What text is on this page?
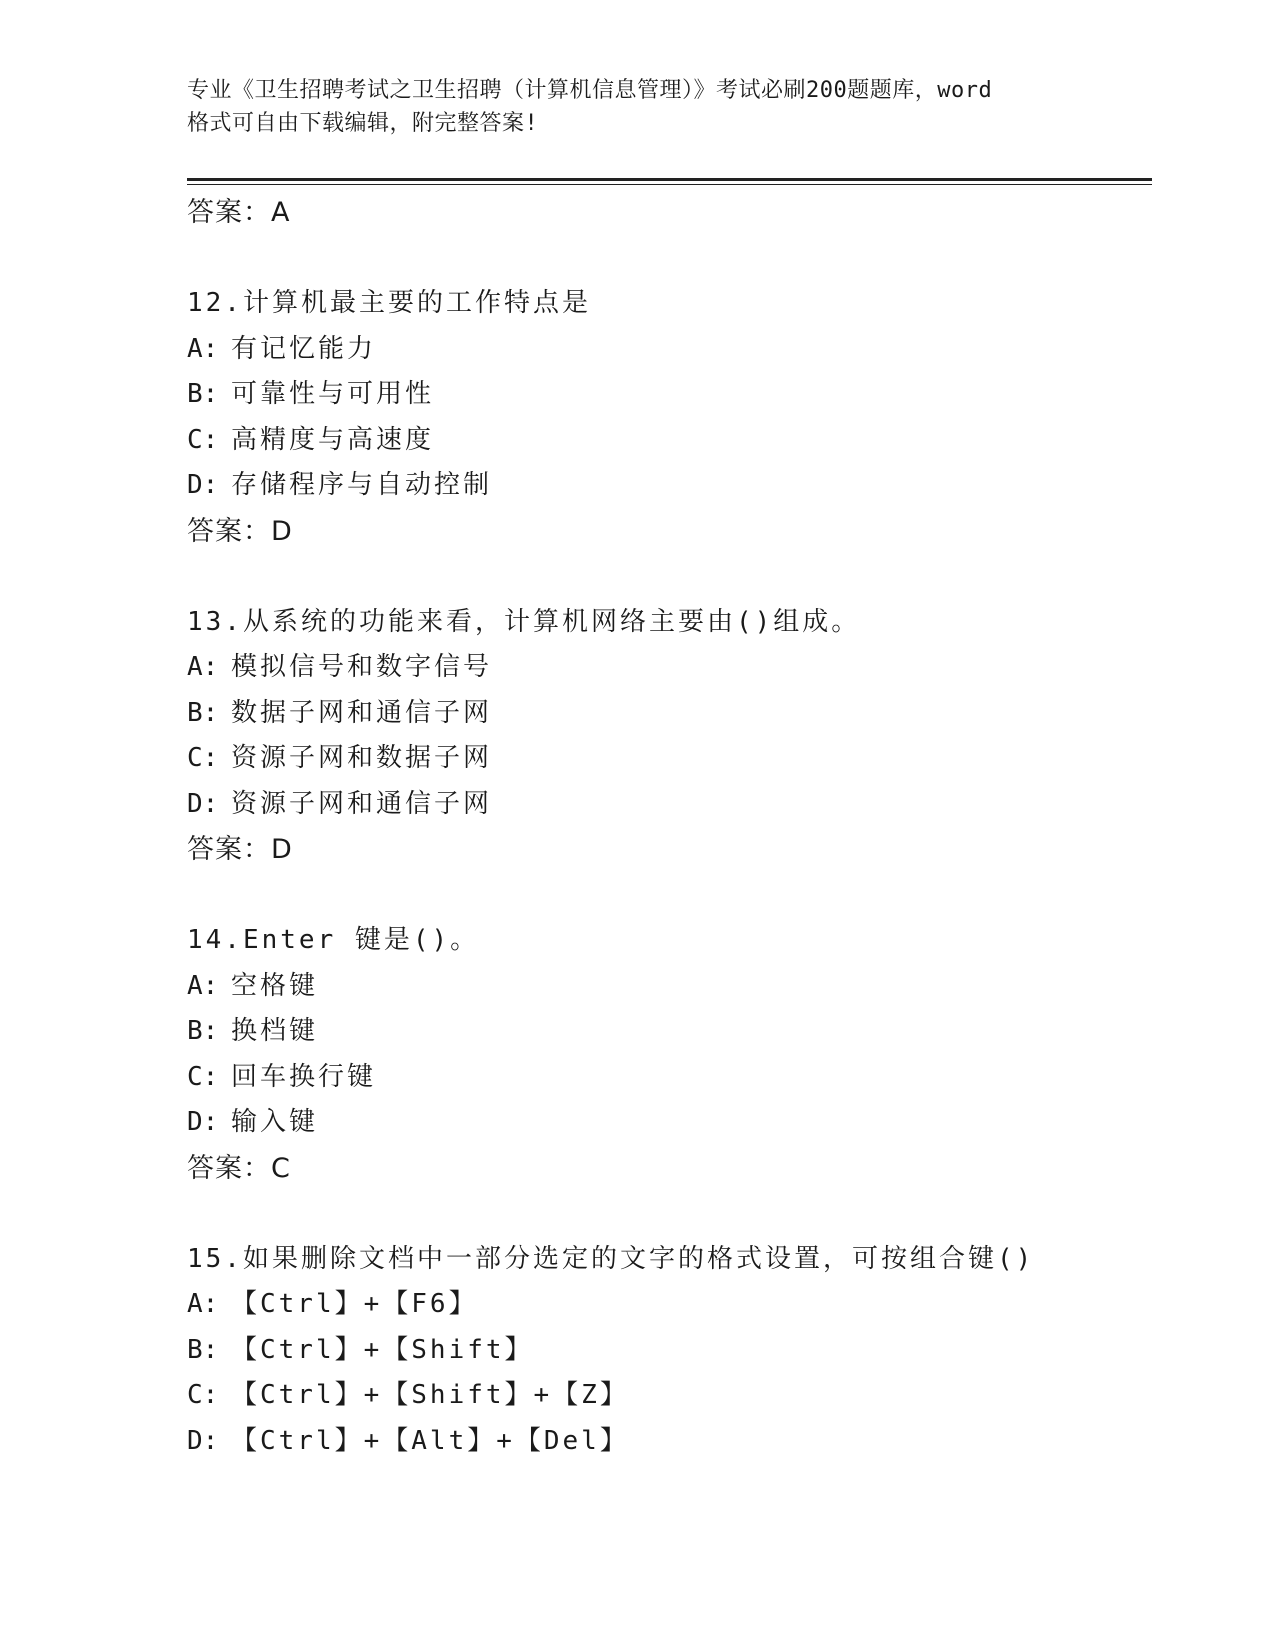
专业《卫生招聘考试之卫生招聘（计算机信息管理）》考试必刷200题题库，word
格式可自由下载编辑，附完整答案!
答案：A
12.计算机最主要的工作特点是
A: 有记忆能力
B: 可靠性与可用性
C: 高精度与高速度
D: 存储程序与自动控制
答案：D
13.从系统的功能来看，计算机网络主要由()组成。
A: 模拟信号和数字信号
B: 数据子网和通信子网
C: 资源子网和数据子网
D: 资源子网和通信子网
答案：D
14.Enter 键是()。
A: 空格键
B: 换档键
C: 回车换行键
D: 输入键
答案：C
15.如果删除文档中一部分选定的文字的格式设置，可按组合键()
A: 【Ctrl】+【F6】
B: 【Ctrl】+【Shift】
C: 【Ctrl】+【Shift】+【Z】
D: 【Ctrl】+【Alt】+【Del】
